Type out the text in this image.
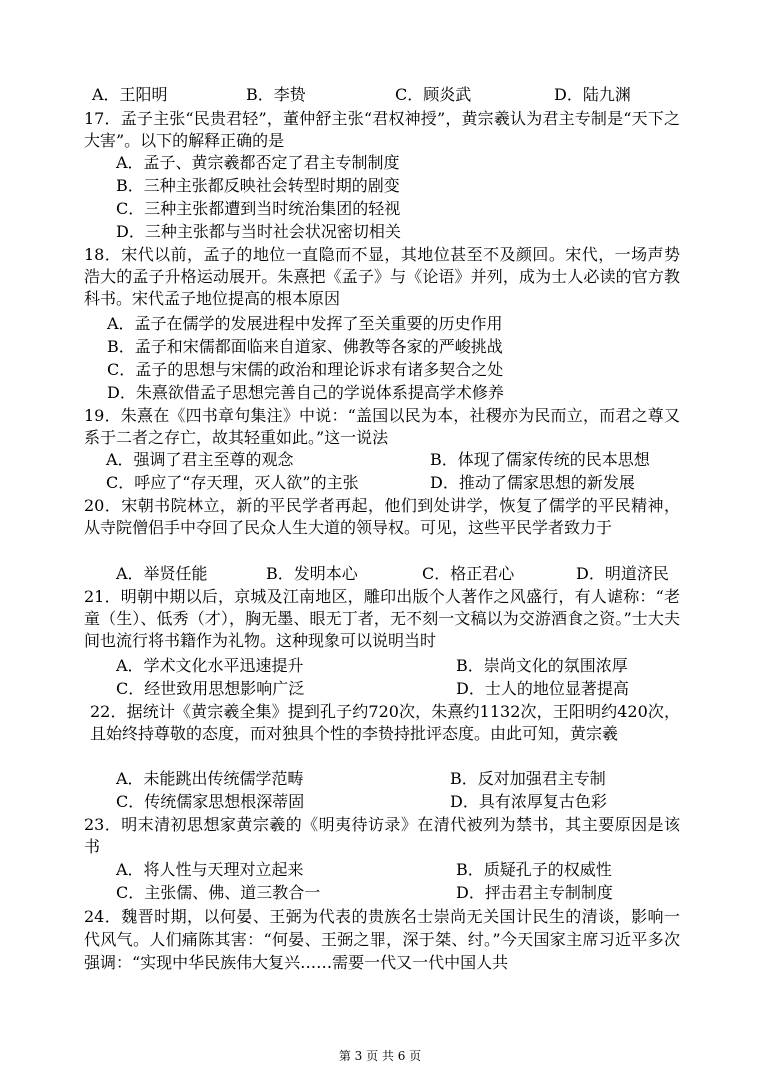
A．王阳明	B．李贽	C．顾炎武	D．陆九渊
17．孟子主张“民贵君轻”，董仲舒主张“君权神授”，黄宗羲认为君主专制是“天下之大害”。以下的解释正确的是
A．孟子、黄宗羲都否定了君主专制制度
B．三种主张都反映社会转型时期的剧变
C．三种主张都遭到当时统治集团的轻视
D．三种主张都与当时社会状况密切相关
18．宋代以前，孟子的地位一直隐而不显，其地位甚至不及颜回。宋代，一场声势浩大的孟子升格运动展开。朱熹把《孟子》与《论语》并列，成为士人必读的官方教科书。宋代孟子地位提高的根本原因
A．孟子在儒学的发展进程中发挥了至关重要的历史作用
B．孟子和宋儒都面临来自道家、佛教等各家的严峻挑战
C．孟子的思想与宋儒的政治和理论诉求有诸多契合之处
D．朱熹欲借孟子思想完善自己的学说体系提高学术修养
19．朱熹在《四书章句集注》中说：“盖国以民为本，社稷亦为民而立，而君之尊又系于二者之存亡，故其轻重如此。”这一说法
A．强调了君主至尊的观念	B．体现了儒家传统的民本思想
C．呼应了“存天理，灭人欲”的主张	D．推动了儒家思想的新发展
20．宋朝书院林立，新的平民学者再起，他们到处讲学，恢复了儒学的平民精神，从寺院僧侣手中夺回了民众人生大道的领导权。可见，这些平民学者致力于
A．举贤任能	B．发明本心	C．格正君心	D．明道济民
21．明朝中期以后，京城及江南地区，雕印出版个人著作之风盛行，有人谑称：“老童（生）、低秀（才），胸无墨、眼无丁者，无不刻一文稿以为交游酒食之资。”士大夫间也流行将书籍作为礼物。这种现象可以说明当时
A．学术文化水平迅速提升	B．崇尚文化的氛围浓厚
C．经世致用思想影响广泛	D．士人的地位显著提高
22．据统计《黄宗羲全集》提到孔子约720次，朱熹约1132次，王阳明约420次，且始终持尊敬的态度，而对独具个性的李贽持批评态度。由此可知，黄宗羲
A．未能跳出传统儒学范畴	B．反对加强君主专制
C．传统儒家思想根深蒂固	D．具有浓厚复古色彩
23．明末清初思想家黄宗羲的《明夷待访录》在清代被列为禁书，其主要原因是该书
A．将人性与天理对立起来	B．质疑孔子的权威性
C．主张儒、佛、道三教合一	D．抨击君主专制制度
24．魏晋时期，以何晏、王弼为代表的贵族名士崇尚无关国计民生的清谈，影响一代风气。人们痛陈其害：“何晏、王弼之罪，深于桀、纣。”今天国家主席习近平多次强调：“实现中华民族伟大复兴……需要一代又一代中国人共
第 3 页 共 6 页
